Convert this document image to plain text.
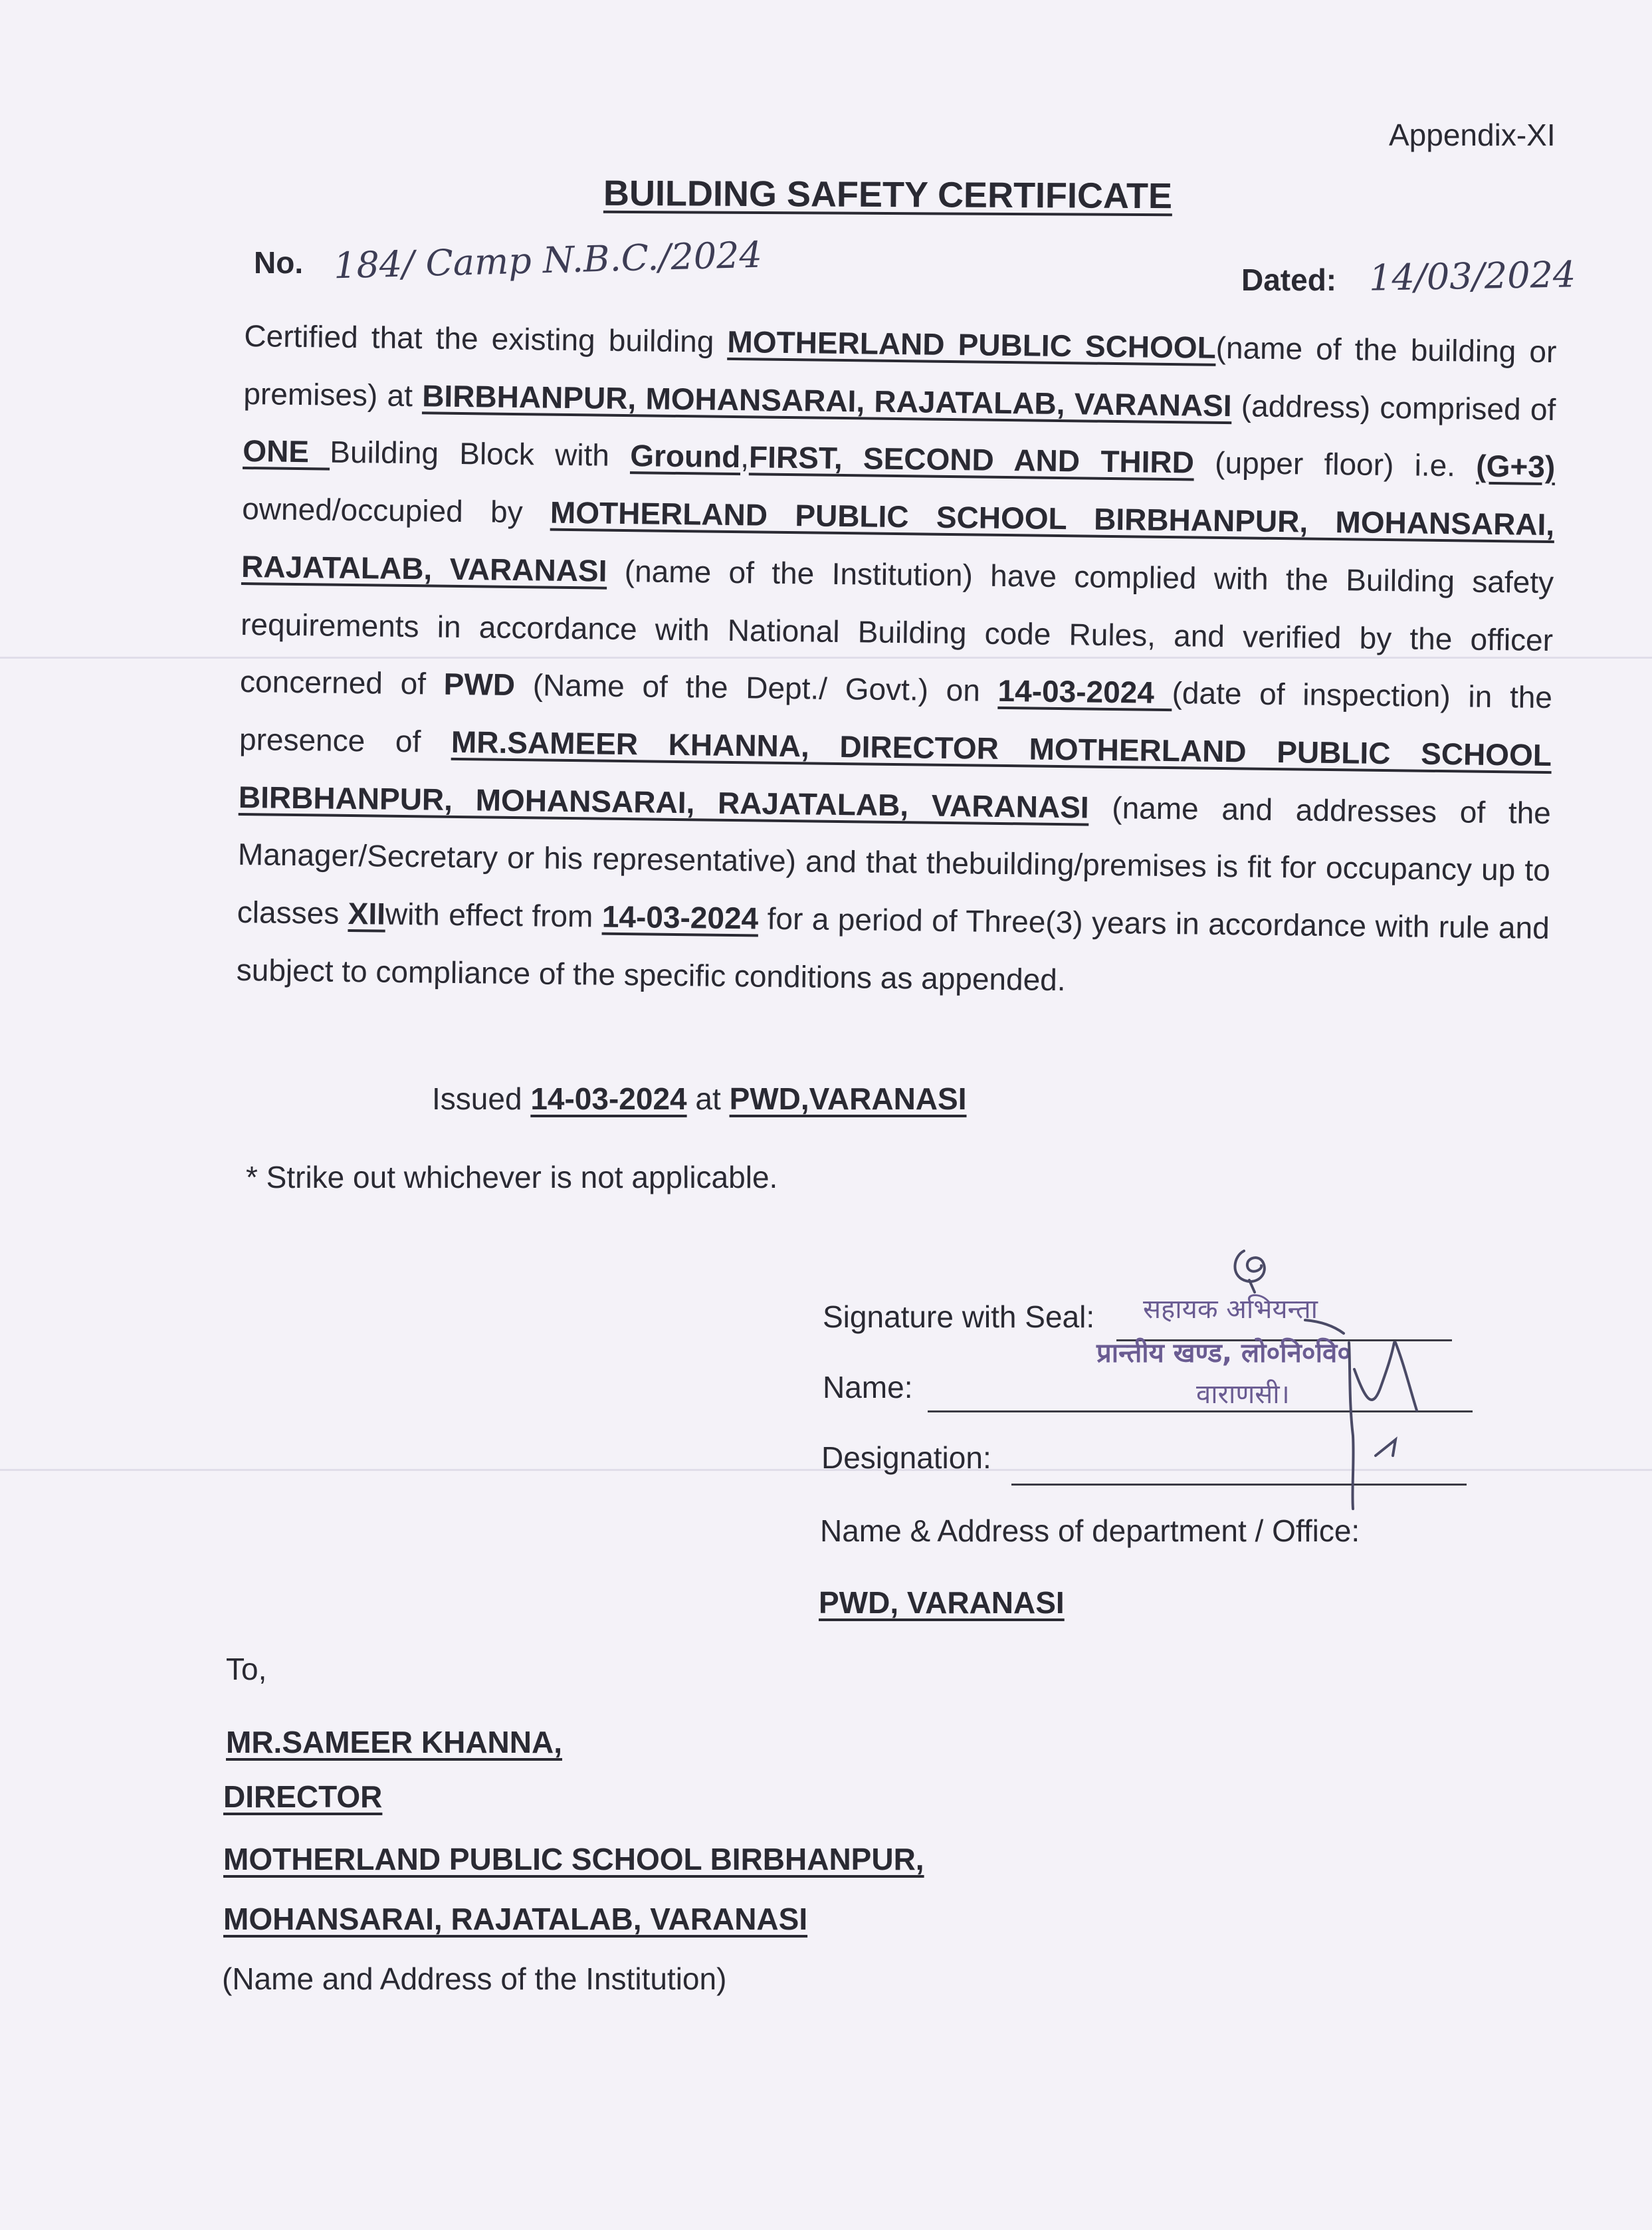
Appendix-XI
BUILDING SAFETY CERTIFICATE
No. 184/ Camp N.B.C./2024	Dated: 14/03/2024
Certified that the existing building MOTHERLAND PUBLIC SCHOOL(name of the building or premises) at BIRBHANPUR, MOHANSARAI, RAJATALAB, VARANASI (address) comprised of ONE Building Block with Ground,FIRST, SECOND AND THIRD (upper floor) i.e. (G+3) owned/occupied by MOTHERLAND PUBLIC SCHOOL BIRBHANPUR, MOHANSARAI, RAJATALAB, VARANASI (name of the Institution) have complied with the Building safety requirements in accordance with National Building code Rules, and verified by the officer concerned of PWD (Name of the Dept./ Govt.) on 14-03-2024 (date of inspection) in the presence of MR.SAMEER KHANNA, DIRECTOR MOTHERLAND PUBLIC SCHOOL BIRBHANPUR, MOHANSARAI, RAJATALAB, VARANASI (name and addresses of the Manager/Secretary or his representative) and that thebuilding/premises is fit for occupancy up to classes XIIwith effect from 14-03-2024 for a period of Three(3) years in accordance with rule and subject to compliance of the specific conditions as appended.
Issued 14-03-2024 at PWD,VARANASI
* Strike out whichever is not applicable.
Signature with Seal:
Name:
Designation:
Name & Address of department / Office:
PWD, VARANASI
सहायक अभियन्ता
प्रान्तीय खण्ड, लो०नि०वि०
वाराणसी।
To,
MR.SAMEER KHANNA,
DIRECTOR
MOTHERLAND PUBLIC SCHOOL BIRBHANPUR,
MOHANSARAI, RAJATALAB, VARANASI
(Name and Address of the Institution)
